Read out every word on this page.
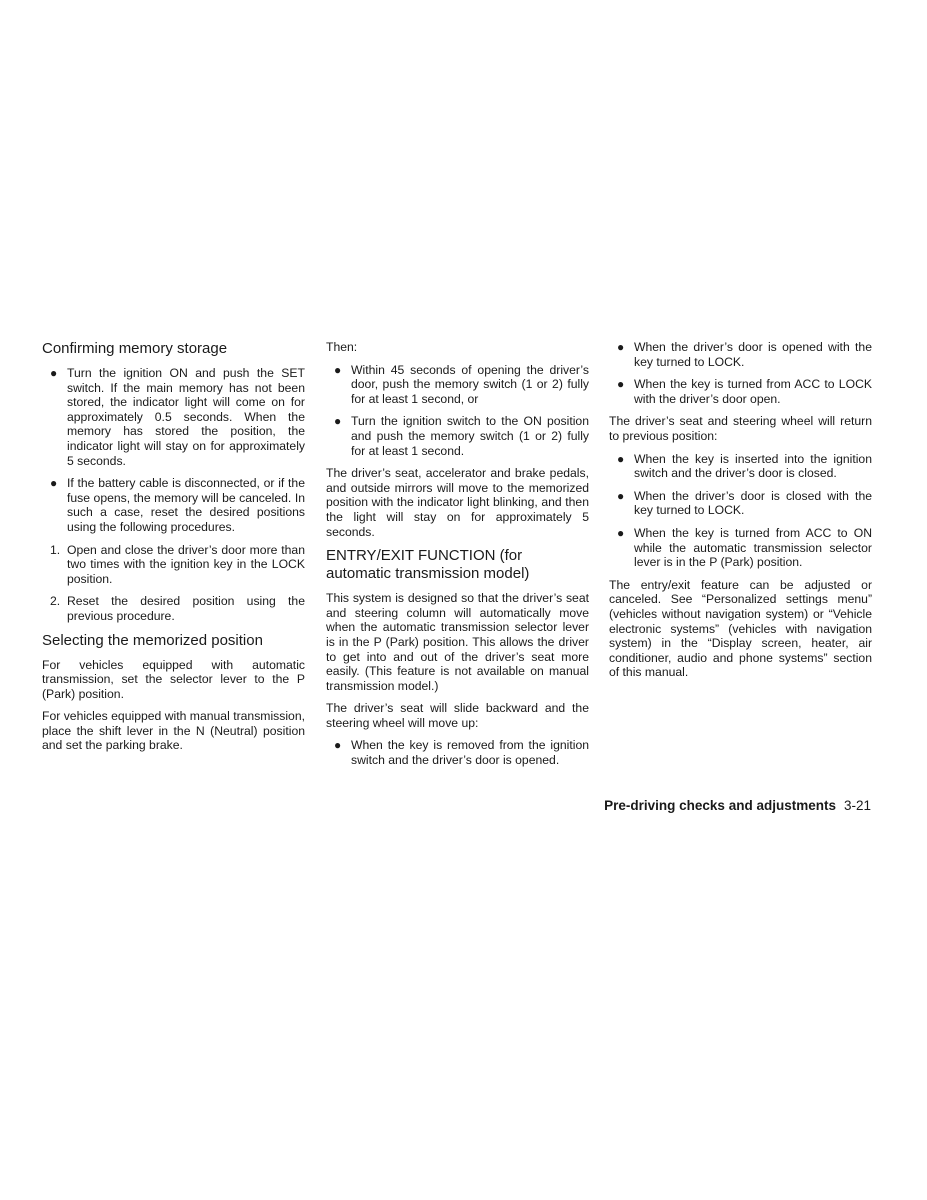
Confirming memory storage
● Turn the ignition ON and push the SET switch. If the main memory has not been stored, the indicator light will come on for approximately 0.5 seconds. When the memory has stored the position, the indicator light will stay on for approximately 5 seconds.
● If the battery cable is disconnected, or if the fuse opens, the memory will be canceled. In such a case, reset the desired positions using the following procedures.
1. Open and close the driver’s door more than two times with the ignition key in the LOCK position.
2. Reset the desired position using the previous procedure.
Selecting the memorized position

For vehicles equipped with automatic transmission, set the selector lever to the P (Park) position.

For vehicles equipped with manual transmission, place the shift lever in the N (Neutral) position and set the parking brake.

Then:

● Within 45 seconds of opening the driver’s door, push the memory switch (1 or 2) fully for at least 1 second, or
● Turn the ignition switch to the ON position and push the memory switch (1 or 2) fully for at least 1 second.

The driver’s seat, accelerator and brake pedals, and outside mirrors will move to the memorized position with the indicator light blinking, and then the light will stay on for approximately 5 seconds.

ENTRY/EXIT FUNCTION (for automatic transmission model)

This system is designed so that the driver’s seat and steering column will automatically move when the automatic transmission selector lever is in the P (Park) position. This allows the driver to get into and out of the driver’s seat more easily. (This feature is not available on manual transmission model.)

The driver’s seat will slide backward and the steering wheel will move up:

● When the key is removed from the ignition switch and the driver’s door is opened.
● When the driver’s door is opened with the key turned to LOCK.
● When the key is turned from ACC to LOCK with the driver’s door open.

The driver’s seat and steering wheel will return to previous position:

● When the key is inserted into the ignition switch and the driver’s door is closed.
● When the driver’s door is closed with the key turned to LOCK.
● When the key is turned from ACC to ON while the automatic transmission selector lever is in the P (Park) position.

The entry/exit feature can be adjusted or canceled. See “Personalized settings menu” (vehicles without navigation system) or “Vehicle electronic systems” (vehicles with navigation system) in the “Display screen, heater, air conditioner, audio and phone systems” section of this manual.

Pre-driving checks and adjustments 3-21
